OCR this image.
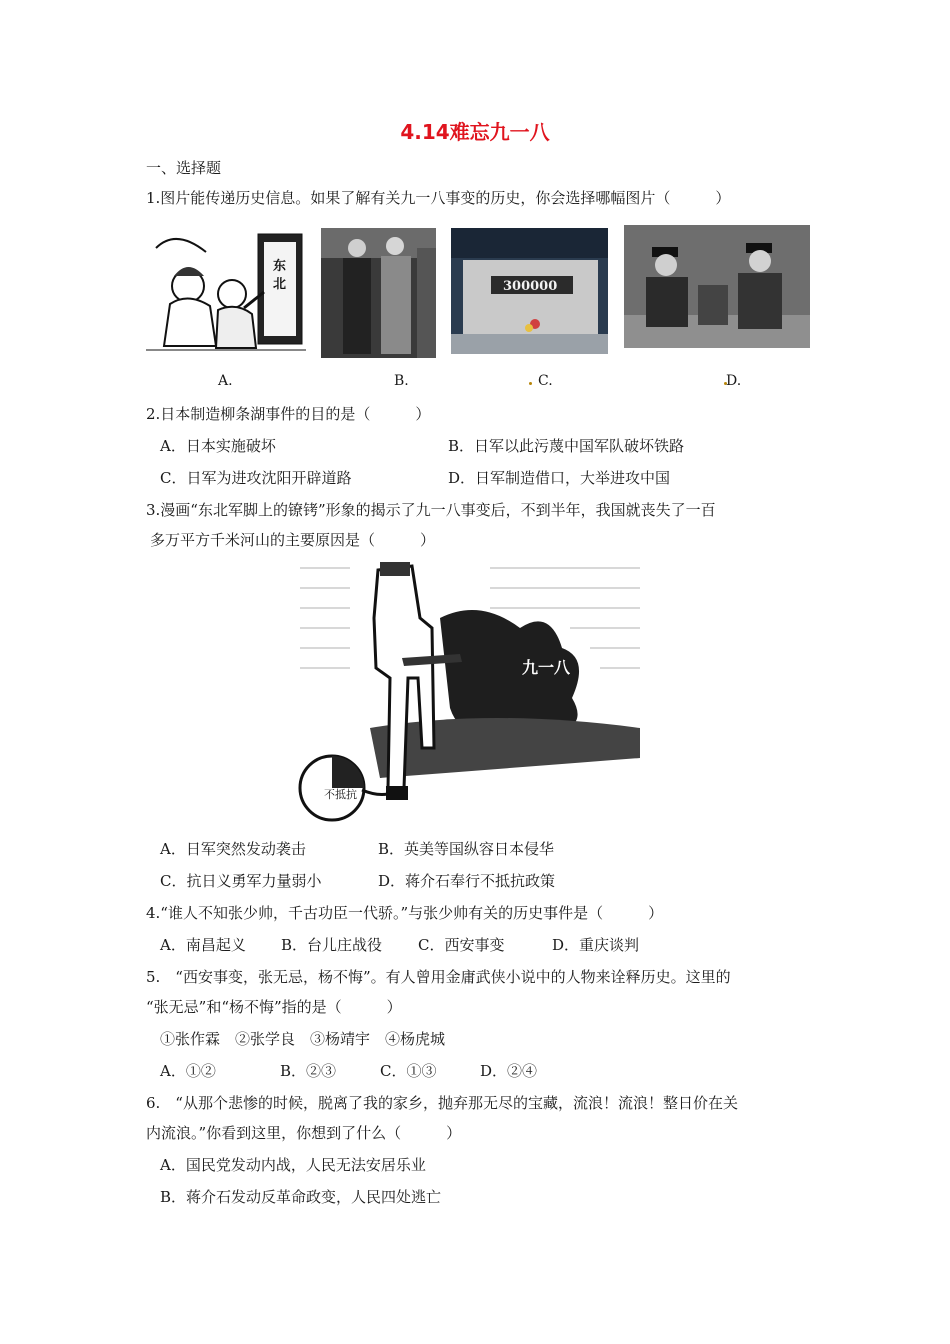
4.14难忘九一八
一、选择题
1.图片能传递历史信息。如果了解有关九一八事变的历史，你会选择哪幅图片（　　　）
东
北	300000
A.	B.	C.	D.
2.日本制造柳条湖事件的目的是（　　　）
A．日本实施破坏	B．日军以此污蔑中国军队破坏铁路
C．日军为进攻沈阳开辟道路	D．日军制造借口，大举进攻中国
3.漫画“东北军脚上的镣铐”形象的揭示了九一八事变后，不到半年，我国就丧失了一百
多万平方千米河山的主要原因是（　　　）
九一八
不抵抗
A．日军突然发动袭击	B．英美等国纵容日本侵华
C．抗日义勇军力量弱小	D．蒋介石奉行不抵抗政策
4.“谁人不知张少帅，千古功臣一代骄。”与张少帅有关的历史事件是（　　　）
A．南昌起义 B．台儿庄战役 C．西安事变	D．重庆谈判
5.　“西安事变，张无忌，杨不悔”。有人曾用金庸武侠小说中的人物来诠释历史。这里的
“张无忌”和“杨不悔”指的是（　　　）
①张作霖　②张学良　③杨靖宇　④杨虎城
A．①②	B．②③	C．①③	D．②④
6.　“从那个悲惨的时候，脱离了我的家乡，抛弃那无尽的宝藏，流浪！流浪！整日价在关
内流浪。”你看到这里，你想到了什么（　　　）
A．国民党发动内战，人民无法安居乐业
B．蒋介石发动反革命政变，人民四处逃亡
